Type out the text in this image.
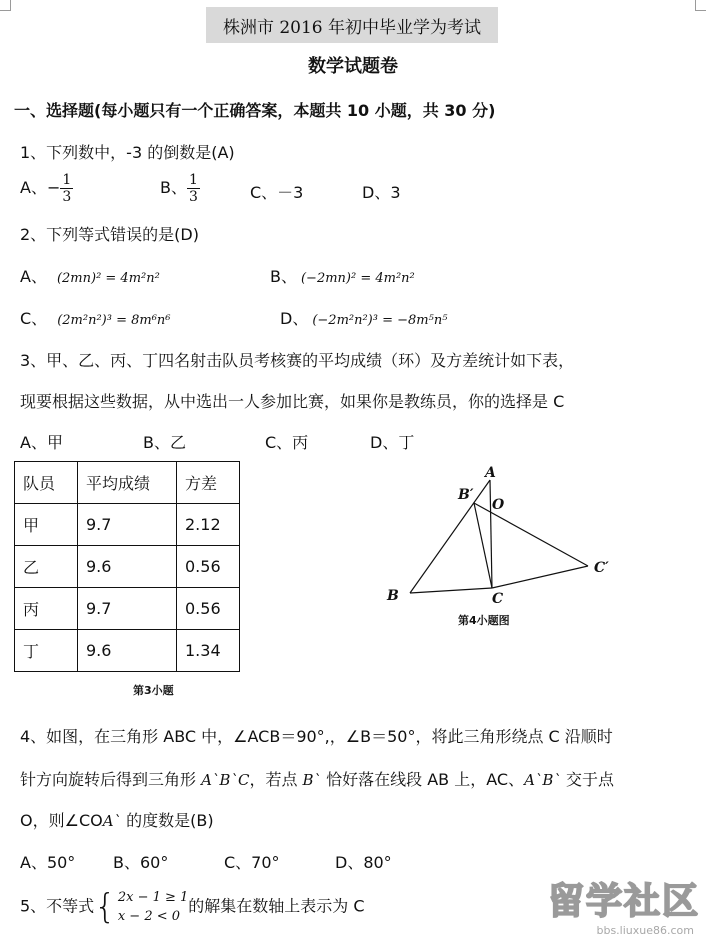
株洲市 2016 年初中毕业学为考试
数学试题卷
一、选择题(每小题只有一个正确答案，本题共 10 小题，共 30 分)
1、下列数中，-3 的倒数是(A)
A、− $\frac{1}{3}$	B、 $\frac{1}{3}$	C、－3	D、3
2、下列等式错误的是(D)
A、 (2mn)² = 4m²n²	B、 (−2mn)² = 4m²n²
C、 (2m²n²)³ = 8m⁶n⁶	D、 (−2m²n²)³ = −8m⁵n⁵
3、甲、乙、丙、丁四名射击队员考核赛的平均成绩（环）及方差统计如下表，
现要根据这些数据，从中选出一人参加比赛，如果你是教练员，你的选择是 C
A、甲	B、乙	C、丙	D、丁
队员	平均成绩	方差
甲	9.7	2.12
乙	9.6	0.56
丙	9.7	0.56
丁	9.6	1.34
第3小题
A
B′
O
B	C
C′
第4小题图
4、如图，在三角形 ABC 中，∠ACB＝90°,，∠B＝50°，将此三角形绕点 C 沿顺时
针方向旋转后得到三角形 A`B`C，若点 B` 恰好落在线段 AB 上，AC、A`B` 交于点
O，则∠COA` 的度数是(B)
A、50° B、60°	C、70°	D、80°
5、不等式 { 2x − 1 ≥ 1
x − 2 < 0
的解集在数轴上表示为 C	留学社区
bbs.liuxue86.com
